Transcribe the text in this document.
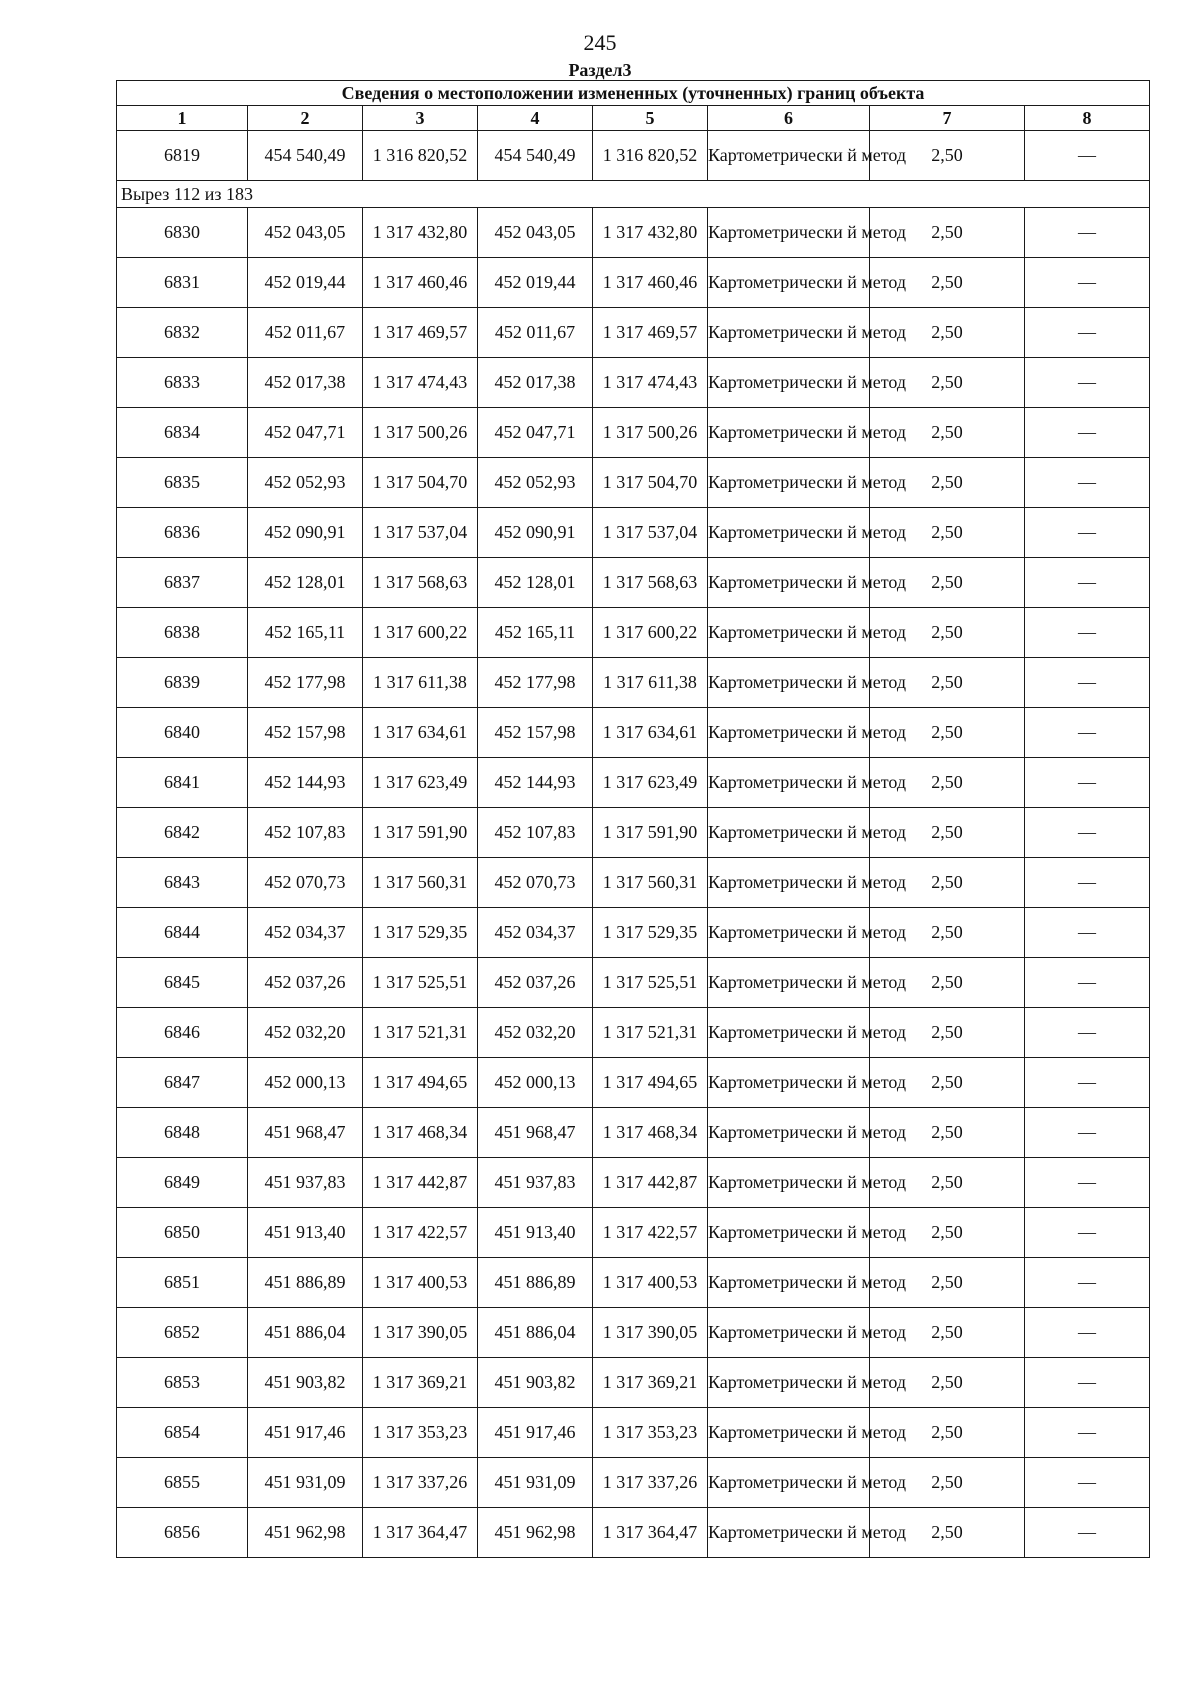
245
Раздел3
Сведения о местоположении измененных (уточненных) границ объекта							
1	2	3	4	5	6	7	8
6819	454 540,49	1 316 820,52	454 540,49	1 316 820,52	Картометрически й метод	2,50	—
Вырез 112 из 183							
6830	452 043,05	1 317 432,80	452 043,05	1 317 432,80	Картометрически й метод	2,50	—
6831	452 019,44	1 317 460,46	452 019,44	1 317 460,46	Картометрически й метод	2,50	—
6832	452 011,67	1 317 469,57	452 011,67	1 317 469,57	Картометрически й метод	2,50	—
6833	452 017,38	1 317 474,43	452 017,38	1 317 474,43	Картометрически й метод	2,50	—
6834	452 047,71	1 317 500,26	452 047,71	1 317 500,26	Картометрически й метод	2,50	—
6835	452 052,93	1 317 504,70	452 052,93	1 317 504,70	Картометрически й метод	2,50	—
6836	452 090,91	1 317 537,04	452 090,91	1 317 537,04	Картометрически й метод	2,50	—
6837	452 128,01	1 317 568,63	452 128,01	1 317 568,63	Картометрически й метод	2,50	—
6838	452 165,11	1 317 600,22	452 165,11	1 317 600,22	Картометрически й метод	2,50	—
6839	452 177,98	1 317 611,38	452 177,98	1 317 611,38	Картометрически й метод	2,50	—
6840	452 157,98	1 317 634,61	452 157,98	1 317 634,61	Картометрически й метод	2,50	—
6841	452 144,93	1 317 623,49	452 144,93	1 317 623,49	Картометрически й метод	2,50	—
6842	452 107,83	1 317 591,90	452 107,83	1 317 591,90	Картометрически й метод	2,50	—
6843	452 070,73	1 317 560,31	452 070,73	1 317 560,31	Картометрически й метод	2,50	—
6844	452 034,37	1 317 529,35	452 034,37	1 317 529,35	Картометрически й метод	2,50	—
6845	452 037,26	1 317 525,51	452 037,26	1 317 525,51	Картометрически й метод	2,50	—
6846	452 032,20	1 317 521,31	452 032,20	1 317 521,31	Картометрически й метод	2,50	—
6847	452 000,13	1 317 494,65	452 000,13	1 317 494,65	Картометрически й метод	2,50	—
6848	451 968,47	1 317 468,34	451 968,47	1 317 468,34	Картометрически й метод	2,50	—
6849	451 937,83	1 317 442,87	451 937,83	1 317 442,87	Картометрически й метод	2,50	—
6850	451 913,40	1 317 422,57	451 913,40	1 317 422,57	Картометрически й метод	2,50	—
6851	451 886,89	1 317 400,53	451 886,89	1 317 400,53	Картометрически й метод	2,50	—
6852	451 886,04	1 317 390,05	451 886,04	1 317 390,05	Картометрически й метод	2,50	—
6853	451 903,82	1 317 369,21	451 903,82	1 317 369,21	Картометрически й метод	2,50	—
6854	451 917,46	1 317 353,23	451 917,46	1 317 353,23	Картометрически й метод	2,50	—
6855	451 931,09	1 317 337,26	451 931,09	1 317 337,26	Картометрически й метод	2,50	—
6856	451 962,98	1 317 364,47	451 962,98	1 317 364,47	Картометрически й метод	2,50	—
